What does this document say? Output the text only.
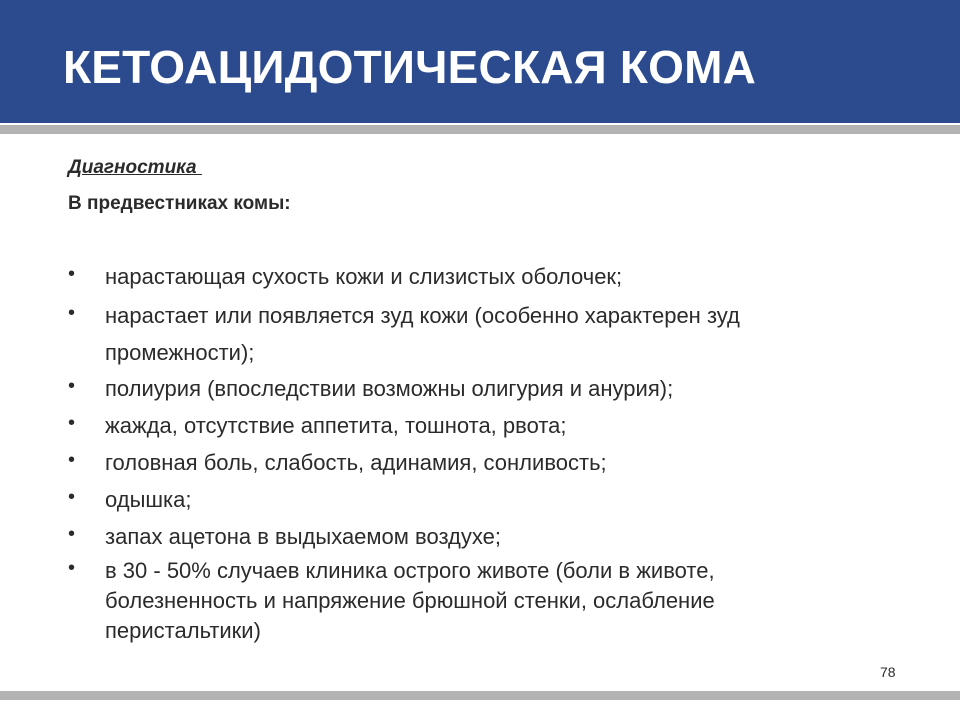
КЕТОАЦИДОТИЧЕСКАЯ КОМА
Диагностика
В предвестниках комы:
• нарастающая сухость кожи и слизистых оболочек;
• нарастает или появляется зуд кожи (особенно характерен зуд
промежности);
• полиурия (впоследствии возможны олигурия и анурия);
• жажда, отсутствие аппетита, тошнота, рвота;
• головная боль, слабость, адинамия, сонливость;
• одышка;
• запах ацетона в выдыхаемом воздухе;
• в 30 - 50% случаев клиника острого животе (боли в животе,
болезненность и напряжение брюшной стенки, ослабление
перистальтики)
78
